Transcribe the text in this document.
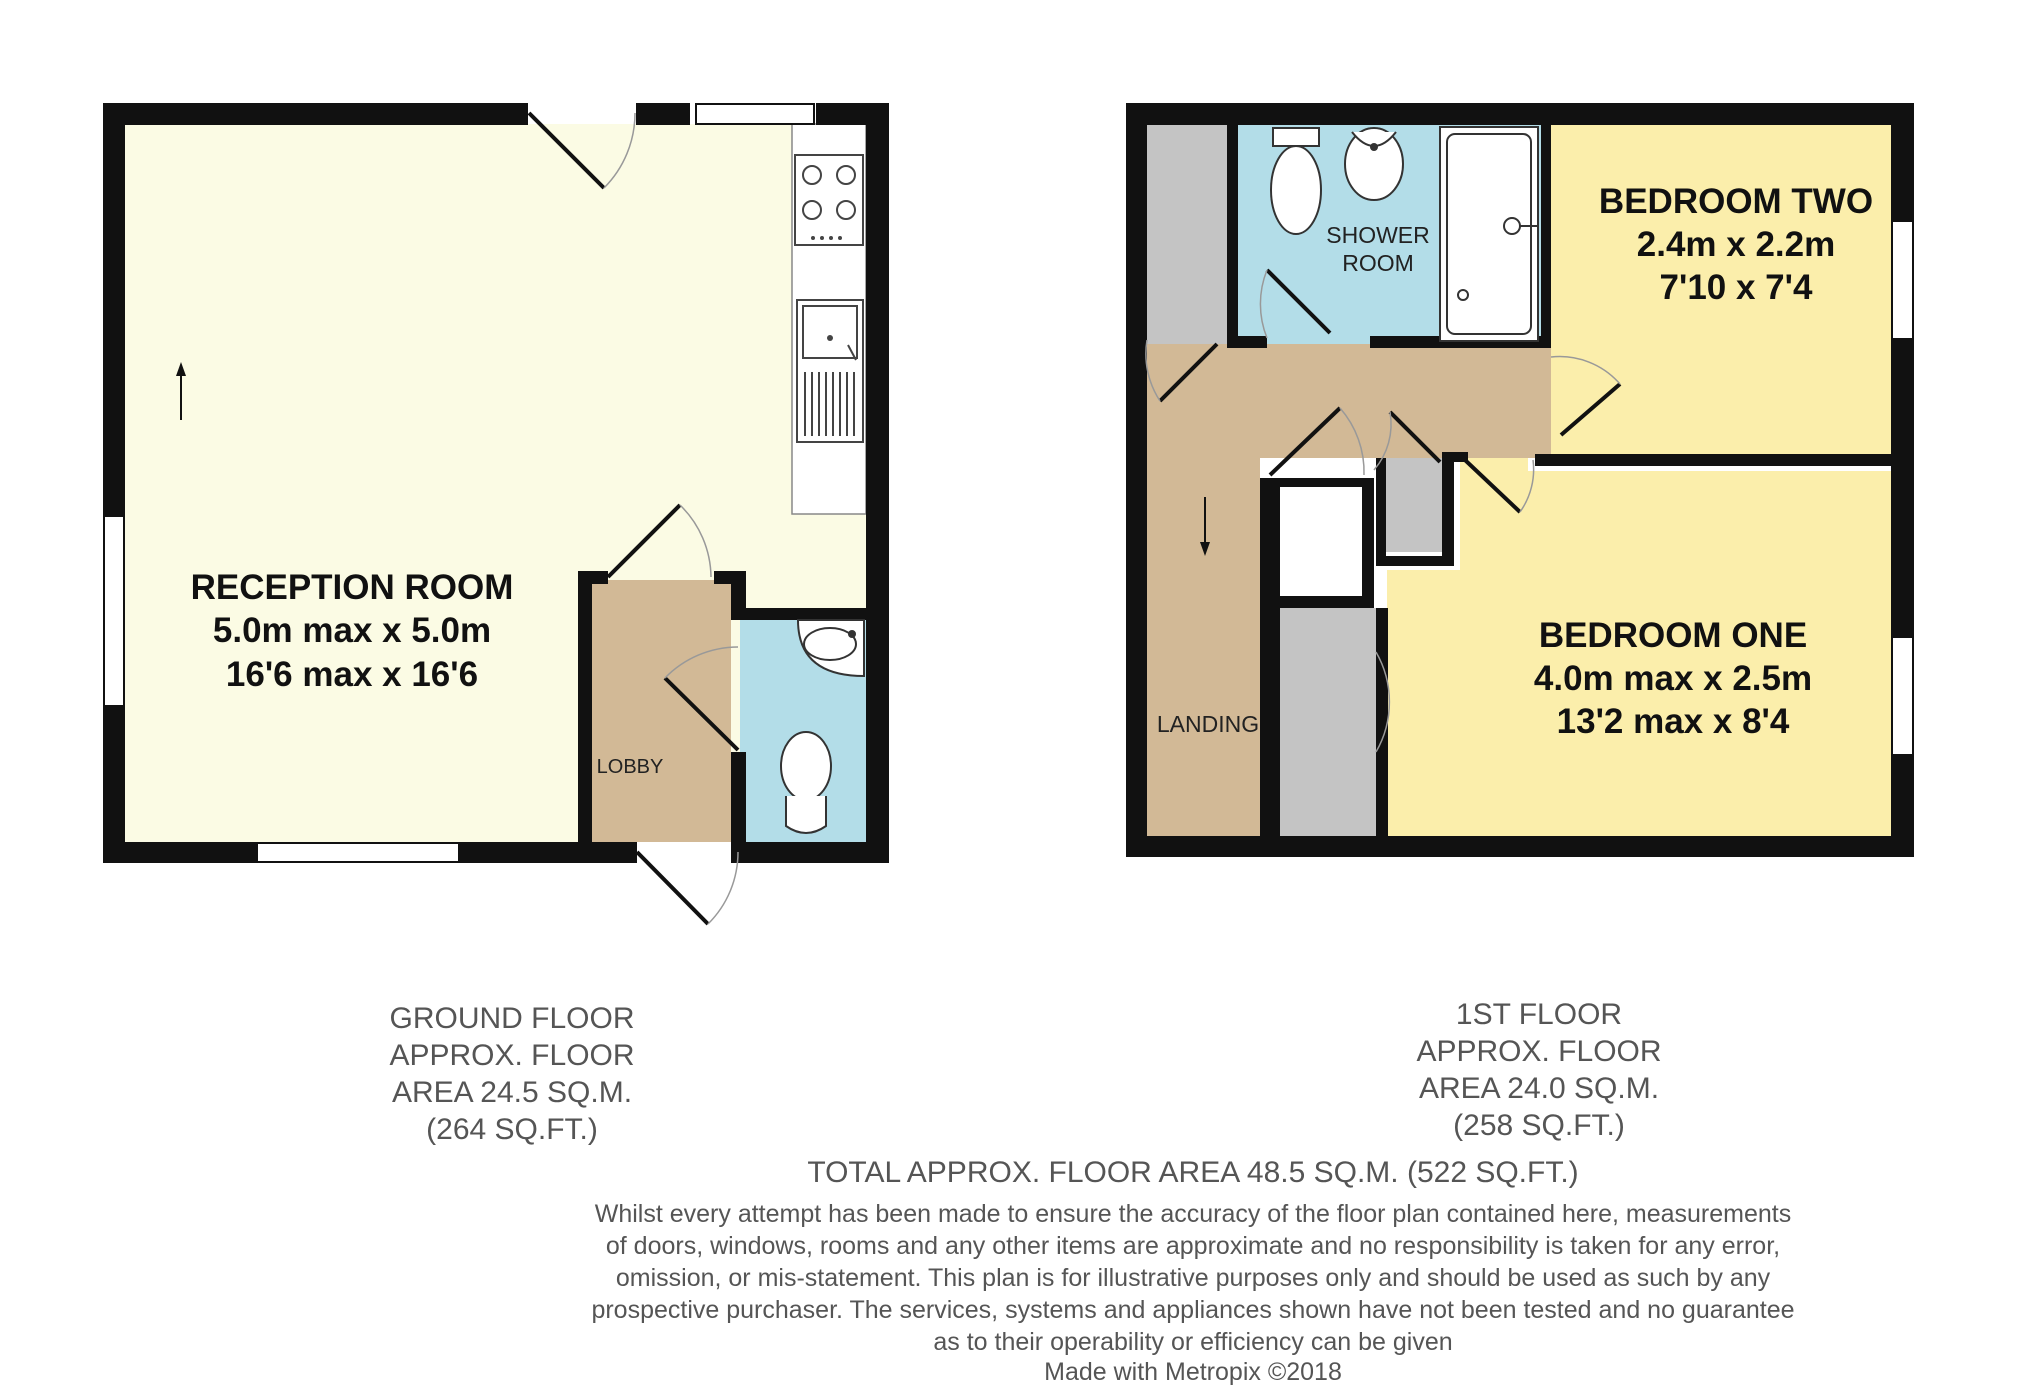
RECEPTION ROOM
5.0m max x 5.0m
16'6 max x 16'6
LOBBY
SHOWER
ROOM
BEDROOM TWO
2.4m x 2.2m
7'10 x 7'4
BEDROOM ONE
4.0m max x 2.5m
13'2 max x 8'4
LANDING
GROUND FLOOR
APPROX. FLOOR
AREA 24.5 SQ.M.
(264 SQ.FT.)
1ST FLOOR
APPROX. FLOOR
AREA 24.0 SQ.M.
(258 SQ.FT.)
TOTAL APPROX. FLOOR AREA 48.5 SQ.M. (522 SQ.FT.)
Whilst every attempt has been made to ensure the accuracy of the floor plan contained here, measurements
of doors, windows, rooms and any other items are approximate and no responsibility is taken for any error,
omission, or mis-statement. This plan is for illustrative purposes only and should be used as such by any
prospective purchaser. The services, systems and appliances shown have not been tested and no guarantee
as to their operability or efficiency can be given
Made with Metropix ©2018
